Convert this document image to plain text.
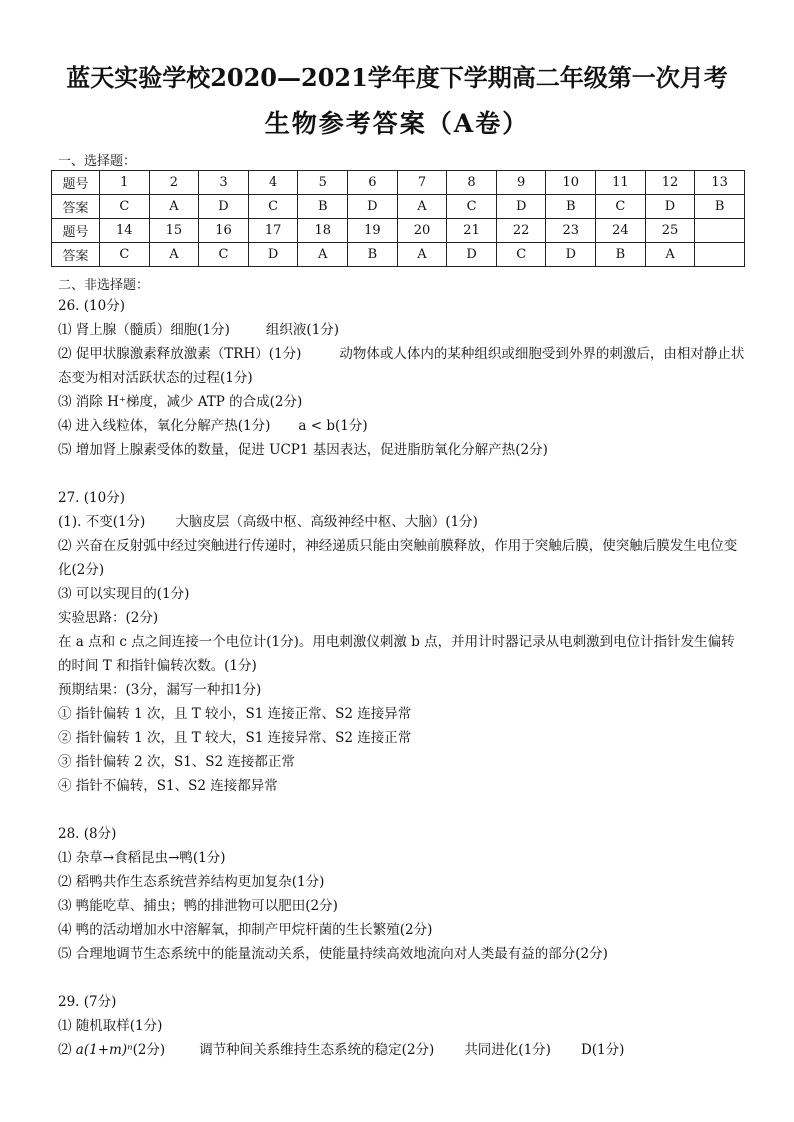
蓝天实验学校2020—2021学年度下学期高二年级第一次月考
生物参考答案（A卷）
一、选择题：
题号	1	2	3	4	5	6	7	8	9	10	11	12	13
答案	C	A	D	C	B	D	A	C	D	B	C	D	B
题号	14	15	16	17	18	19	20	21	22	23	24	25	
答案	C	A	C	D	A	B	A	D	C	D	B	A	
二、非选择题：
26. (10分)
⑴ 肾上腺（髓质）细胞(1分)	组织液(1分)
⑵ 促甲状腺激素释放激素（TRH）(1分)	动物体或人体内的某种组织或细胞受到外界的刺激后，由相对静止状态变为相对活跃状态的过程(1分)
⑶ 消除 H⁺梯度，减少 ATP 的合成(2分)
⑷ 进入线粒体，氧化分解产热(1分) a < b(1分)
⑸ 增加肾上腺素受体的数量，促进 UCP1 基因表达，促进脂肪氧化分解产热(2分)
27. (10分)
(1). 不变(1分) 大脑皮层（高级中枢、高级神经中枢、大脑）(1分)
⑵ 兴奋在反射弧中经过突触进行传递时，神经递质只能由突触前膜释放，作用于突触后膜，使突触后膜发生电位变化(2分)
⑶ 可以实现目的(1分)
实验思路：(2分)
在 a 点和 c 点之间连接一个电位计(1分)。用电刺激仪刺激 b 点，并用计时器记录从电刺激到电位计指针发生偏转的时间 T 和指针偏转次数。(1分)
预期结果：(3分，漏写一种扣1分)
① 指针偏转 1 次，且 T 较小，S1 连接正常、S2 连接异常
② 指针偏转 1 次，且 T 较大，S1 连接异常、S2 连接正常
③ 指针偏转 2 次，S1、S2 连接都正常
④ 指针不偏转，S1、S2 连接都异常
28. (8分)
⑴ 杂草→食稻昆虫→鸭(1分)
⑵ 稻鸭共作生态系统营养结构更加复杂(1分)
⑶ 鸭能吃草、捕虫；鸭的排泄物可以肥田(2分)
⑷ 鸭的活动增加水中溶解氧，抑制产甲烷杆菌的生长繁殖(2分)
⑸ 合理地调节生态系统中的能量流动关系，使能量持续高效地流向对人类最有益的部分(2分)
29. (7分)
⑴ 随机取样(1分)
⑵ a(1+m)ⁿ(2分)	调节种间关系维持生态系统的稳定(2分) 共同进化(1分) D(1分)
